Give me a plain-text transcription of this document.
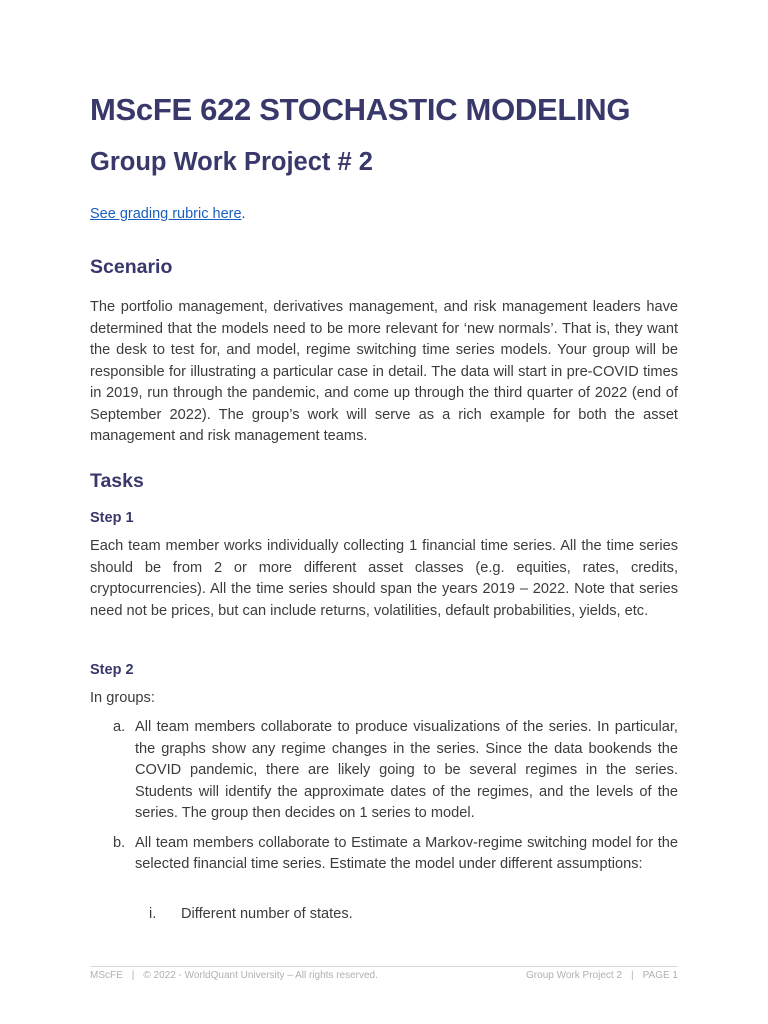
MScFE 622 STOCHASTIC MODELING
Group Work Project # 2
See grading rubric here.
Scenario
The portfolio management, derivatives management, and risk management leaders have determined that the models need to be more relevant for ‘new normals’. That is, they want the desk to test for, and model, regime switching time series models. Your group will be responsible for illustrating a particular case in detail. The data will start in pre-COVID times in 2019, run through the pandemic, and come up through the third quarter of 2022 (end of September 2022). The group’s work will serve as a rich example for both the asset management and risk management teams.
Tasks
Step 1
Each team member works individually collecting 1 financial time series. All the time series should be from 2 or more different asset classes (e.g. equities, rates, credits, cryptocurrencies). All the time series should span the years 2019 – 2022. Note that series need not be prices, but can include returns, volatilities, default probabilities, yields, etc.
Step 2
In groups:
a. All team members collaborate to produce visualizations of the series. In particular, the graphs show any regime changes in the series. Since the data bookends the COVID pandemic, there are likely going to be several regimes in the series. Students will identify the approximate dates of the regimes, and the levels of the series. The group then decides on 1 series to model.
b. All team members collaborate to Estimate a Markov-regime switching model for the selected financial time series. Estimate the model under different assumptions:
i. Different number of states.
MScFE | © 2022 - WorldQuant University – All rights reserved.	Group Work Project 2 | PAGE 1
